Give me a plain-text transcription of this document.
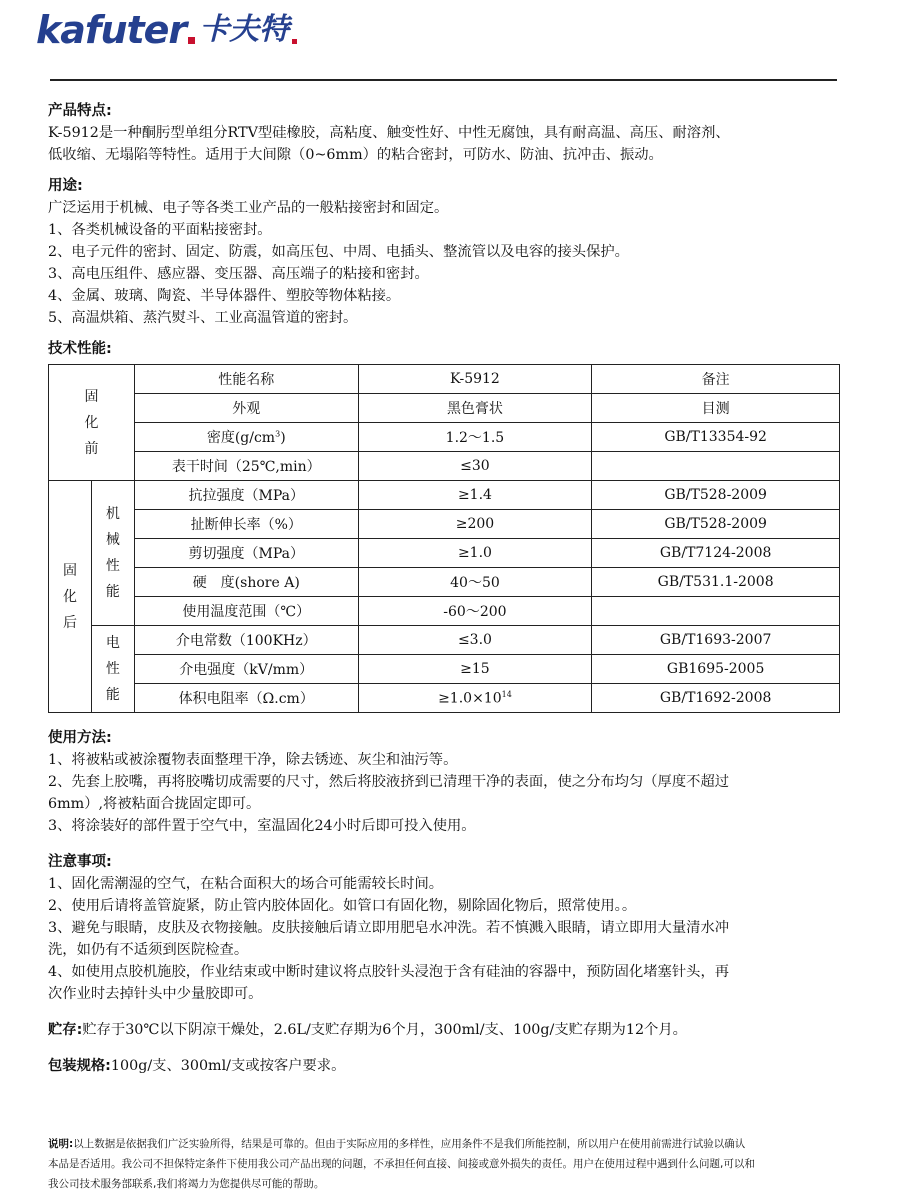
kafuter 卡夫特

产品特点:

K-5912是一种酮肟型单组分RTV型硅橡胶，高粘度、触变性好、中性无腐蚀，具有耐高温、高压、耐溶剂、

低收缩、无塌陷等特性。适用于大间隙（0~6mm）的粘合密封，可防水、防油、抗冲击、振动。

用途:

广泛运用于机械、电子等各类工业产品的一般粘接密封和固定。

1、各类机械设备的平面粘接密封。

2、电子元件的密封、固定、防震，如高压包、中周、电插头、整流管以及电容的接头保护。

3、高电压组件、感应器、变压器、高压端子的粘接和密封。

4、金属、玻璃、陶瓷、半导体器件、塑胶等物体粘接。

5、高温烘箱、蒸汽熨斗、工业高温管道的密封。

技术性能:

固
化
前		性能名称	K-5912	备注
		外观	黑色膏状	目测
		密度$(g/cm^3)$	1.2～1.5	GB/T13354-92
		表干时间（25℃,min）	≤30	
固
化
后	机
械
性
能	抗拉强度（MPa）	≥1.4	GB/T528-2009
		扯断伸长率（%）	≥200	GB/T528-2009
		剪切强度（MPa）	≥1.0	GB/T7124-2008
		硬　度(shore A)	40～50	GB/T531.1-2008
		使用温度范围（℃）	-60～200	
	电
性
能	介电常数（100KHz）	≤3.0	GB/T1693-2007
		介电强度（kV/mm）	≥15	GB1695-2005
		体积电阻率（Ω.cm）	$\ge 1.0\times 10^{14}$	GB/T1692-2008

使用方法:

1、将被粘或被涂覆物表面整理干净，除去锈迹、灰尘和油污等。

2、先套上胶嘴，再将胶嘴切成需要的尺寸，然后将胶液挤到已清理干净的表面，使之分布均匀（厚度不超过

6mm）,将被粘面合拢固定即可。

3、将涂装好的部件置于空气中，室温固化24小时后即可投入使用。

注意事项:

1、固化需潮湿的空气，在粘合面积大的场合可能需较长时间。

2、使用后请将盖管旋紧，防止管内胶体固化。如管口有固化物，剔除固化物后，照常使用。。

3、避免与眼睛，皮肤及衣物接触。皮肤接触后请立即用肥皂水冲洗。若不慎溅入眼睛，请立即用大量清水冲

洗，如仍有不适须到医院检查。

4、如使用点胶机施胶，作业结束或中断时建议将点胶针头浸泡于含有硅油的容器中，预防固化堵塞针头，再

次作业时去掉针头中少量胶即可。

贮存:贮存于30℃以下阴凉干燥处，2.6L/支贮存期为6个月，300ml/支、100g/支贮存期为12个月。

包装规格:100g/支、300ml/支或按客户要求。

说明:以上数据是依据我们广泛实验所得，结果是可靠的。但由于实际应用的多样性，应用条件不是我们所能控制，所以用户在使用前需进行试验以确认
本品是否适用。我公司不担保特定条件下使用我公司产品出现的问题，不承担任何直接、间接或意外损失的责任。用户在使用过程中遇到什么问题,可以和
我公司技术服务部联系,我们将竭力为您提供尽可能的帮助。
